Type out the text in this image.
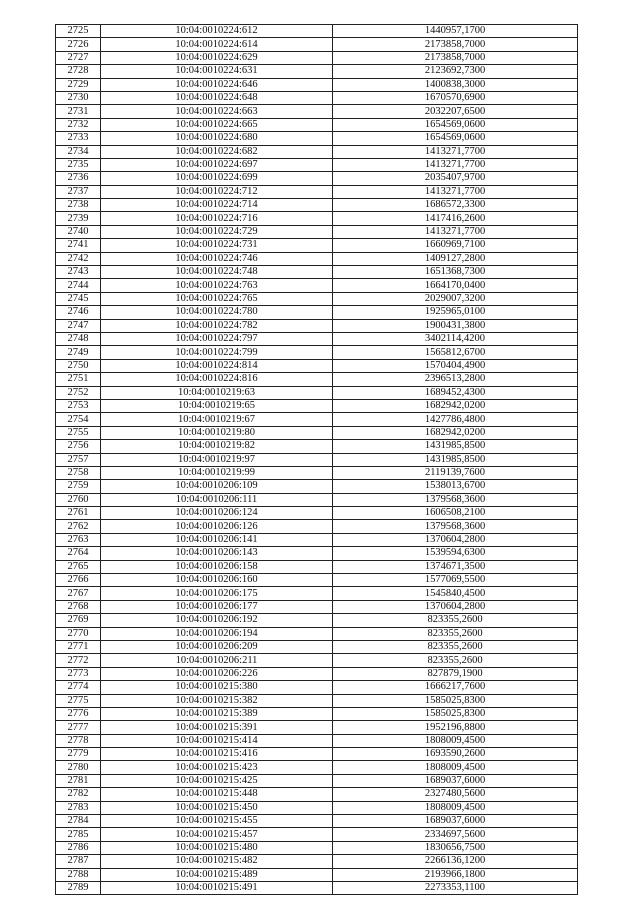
2725	10:04:0010224:612	1440957,1700
2726	10:04:0010224:614	2173858,7000
2727	10:04:0010224:629	2173858,7000
2728	10:04:0010224:631	2123692,7300
2729	10:04:0010224:646	1400838,3000
2730	10:04:0010224:648	1670570,6900
2731	10:04:0010224:663	2032207,6500
2732	10:04:0010224:665	1654569,0600
2733	10:04:0010224:680	1654569,0600
2734	10:04:0010224:682	1413271,7700
2735	10:04:0010224:697	1413271,7700
2736	10:04:0010224:699	2035407,9700
2737	10:04:0010224:712	1413271,7700
2738	10:04:0010224:714	1686572,3300
2739	10:04:0010224:716	1417416,2600
2740	10:04:0010224:729	1413271,7700
2741	10:04:0010224:731	1660969,7100
2742	10:04:0010224:746	1409127,2800
2743	10:04:0010224:748	1651368,7300
2744	10:04:0010224:763	1664170,0400
2745	10:04:0010224:765	2029007,3200
2746	10:04:0010224:780	1925965,0100
2747	10:04:0010224:782	1900431,3800
2748	10:04:0010224:797	3402114,4200
2749	10:04:0010224:799	1565812,6700
2750	10:04:0010224:814	1570404,4900
2751	10:04:0010224:816	2396513,2800
2752	10:04:0010219:63	1689452,4300
2753	10:04:0010219:65	1682942,0200
2754	10:04:0010219:67	1427786,4800
2755	10:04:0010219:80	1682942,0200
2756	10:04:0010219:82	1431985,8500
2757	10:04:0010219:97	1431985,8500
2758	10:04:0010219:99	2119139,7600
2759	10:04:0010206:109	1538013,6700
2760	10:04:0010206:111	1379568,3600
2761	10:04:0010206:124	1606508,2100
2762	10:04:0010206:126	1379568,3600
2763	10:04:0010206:141	1370604,2800
2764	10:04:0010206:143	1539594,6300
2765	10:04:0010206:158	1374671,3500
2766	10:04:0010206:160	1577069,5500
2767	10:04:0010206:175	1545840,4500
2768	10:04:0010206:177	1370604,2800
2769	10:04:0010206:192	823355,2600
2770	10:04:0010206:194	823355,2600
2771	10:04:0010206:209	823355,2600
2772	10:04:0010206:211	823355,2600
2773	10:04:0010206:226	827879,1900
2774	10:04:0010215:380	1666217,7600
2775	10:04:0010215:382	1585025,8300
2776	10:04:0010215:389	1585025,8300
2777	10:04:0010215:391	1952196,8800
2778	10:04:0010215:414	1808009,4500
2779	10:04:0010215:416	1693590,2600
2780	10:04:0010215:423	1808009,4500
2781	10:04:0010215:425	1689037,6000
2782	10:04:0010215:448	2327480,5600
2783	10:04:0010215:450	1808009,4500
2784	10:04:0010215:455	1689037,6000
2785	10:04:0010215:457	2334697,5600
2786	10:04:0010215:480	1830656,7500
2787	10:04:0010215:482	2266136,1200
2788	10:04:0010215:489	2193966,1800
2789	10:04:0010215:491	2273353,1100
